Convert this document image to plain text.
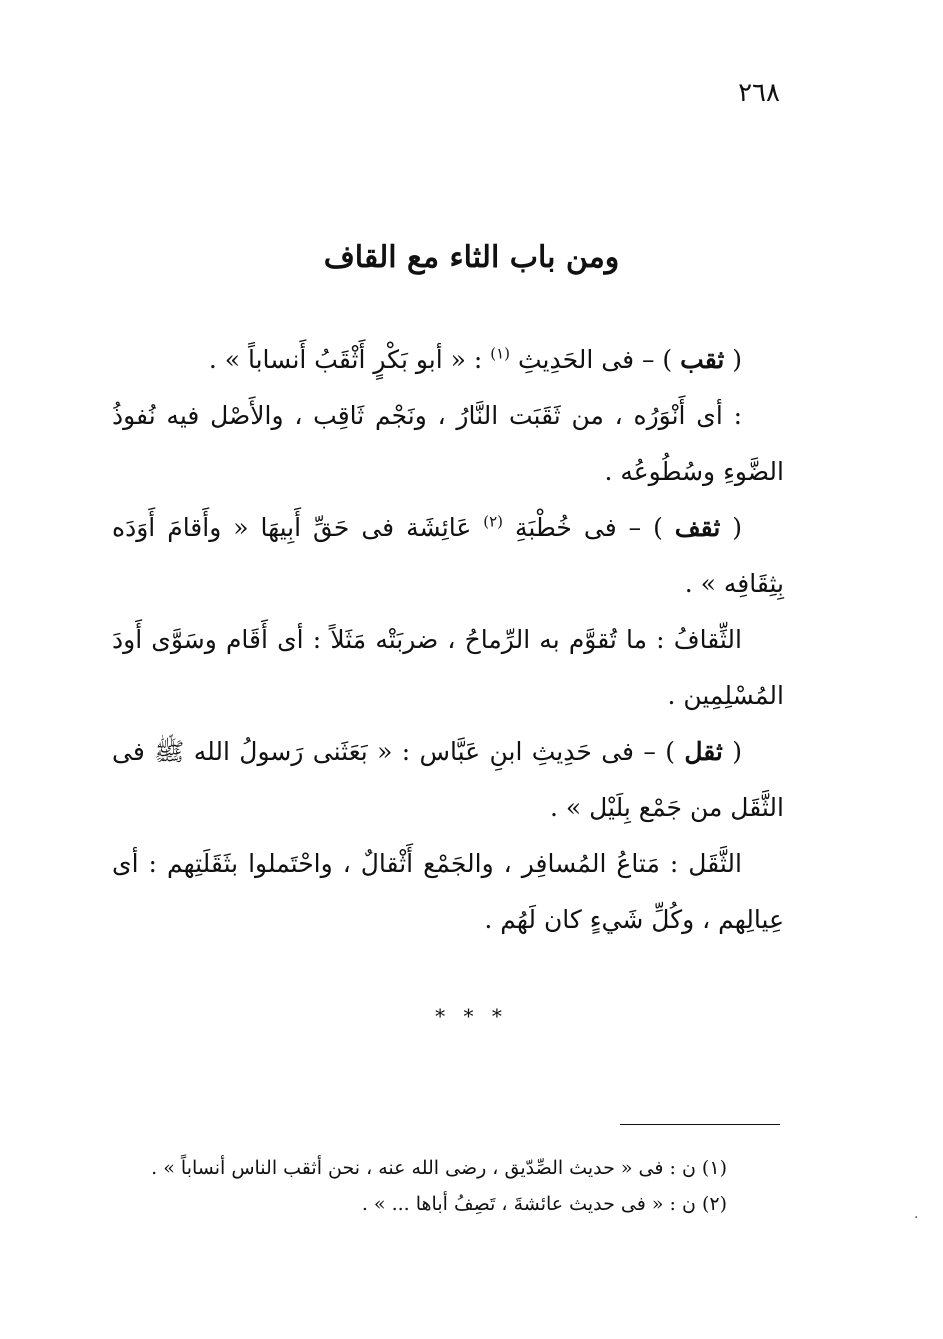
٢٦٨
ومن باب الثاء مع القاف

( ثقب ) – فى الحَدِيثِ $^{(١)}$ : « أبو بَكْرٍ أَثْقَبُ أَنساباً » .

: أى أَنْوَرُه ، من ثَقَبَت النَّارُ ، ونَجْم ثَاقِب ، والأَصْل فيه نُفوذُ الضَّوءِ وسُطُوعُه .

( ثقف ) – فى خُطْبَةِ $^{(٢)}$ عَائِشَة فى حَقِّ أَبِيهَا « وأَقامَ أَوَدَه بِثِقَافِه » .

الثِّقافُ : ما تُقوَّم به الرِّماحُ ، ضربَتْه مَثَلاً : أى أَقَام وسَوَّى أَودَ المُسْلِمِين .

( ثقل ) – فى حَدِيثِ ابنِ عَبَّاس : « بَعَثَنى رَسولُ الله ﷺ فى الثَّقَل من جَمْع بِلَيْل » .

الثَّقَل : مَتاعُ المُسافِر ، والجَمْع أَثْقالٌ ، واحْتَملوا بثَقَلَتِهم : أى عِيالِهم ، وكُلِّ شَيءٍ كان لَهُم .

* * *

(١) ن : فى « حديث الصِّدّيق ، رضى الله عنه ، نحن أثقب الناس أنساباً » .

(٢) ن : « فى حديث عائشةَ ، تَصِفُ أباها ... » .

·
